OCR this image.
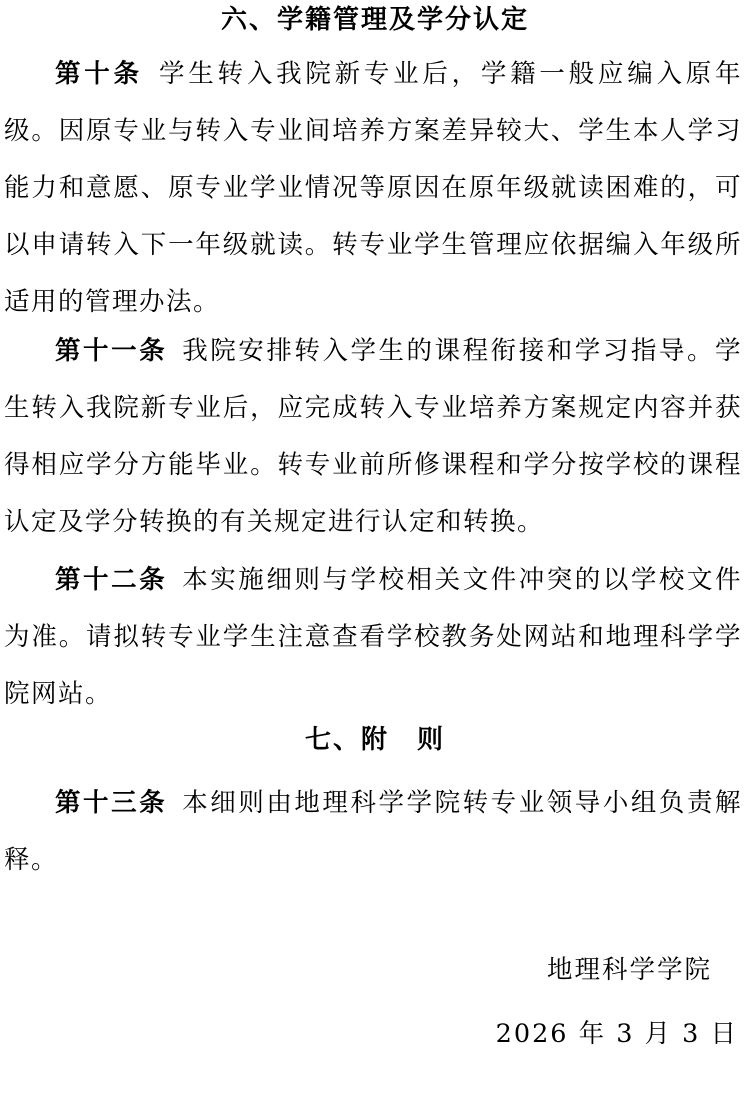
六、学籍管理及学分认定

第十条 学生转入我院新专业后，学籍一般应编入原年级。因原专业与转入专业间培养方案差异较大、学生本人学习能力和意愿、原专业学业情况等原因在原年级就读困难的，可以申请转入下一年级就读。转专业学生管理应依据编入年级所适用的管理办法。

第十一条 我院安排转入学生的课程衔接和学习指导。学生转入我院新专业后，应完成转入专业培养方案规定内容并获得相应学分方能毕业。转专业前所修课程和学分按学校的课程认定及学分转换的有关规定进行认定和转换。

第十二条 本实施细则与学校相关文件冲突的以学校文件为准。请拟转专业学生注意查看学校教务处网站和地理科学学院网站。

七、附　则

第十三条 本细则由地理科学学院转专业领导小组负责解释。

地理科学学院
2026 年 3 月 3 日
